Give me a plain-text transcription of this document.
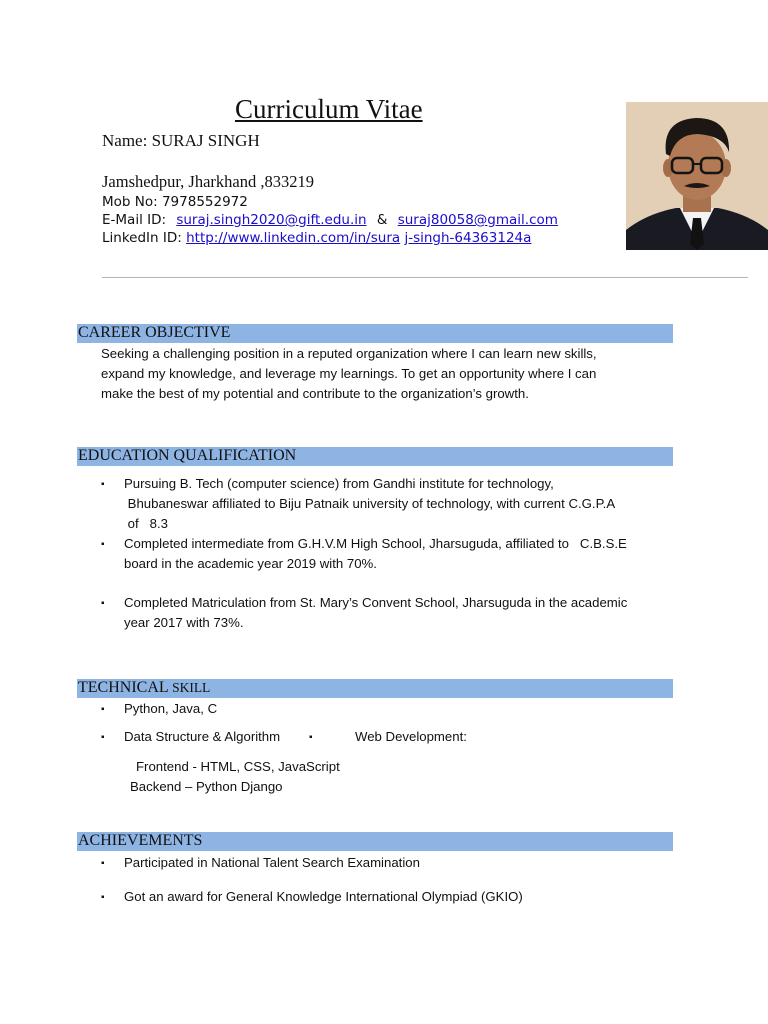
Curriculum Vitae
Name: SURAJ SINGH
Jamshedpur, Jharkhand ,833219
Mob No: 7978552972
E-Mail ID: suraj.singh2020@gift.edu.in & suraj80058@gmail.com
LinkedIn ID: http://www.linkedin.com/in/sura j-singh-64363124a
CAREER OBJECTIVE
Seeking a challenging position in a reputed organization where I can learn new skills,
expand my knowledge, and leverage my learnings. To get an opportunity where I can
make the best of my potential and contribute to the organization’s growth.
EDUCATION QUALIFICATION
▪ Pursuing B. Tech (computer science) from Gandhi institute for technology,
Bhubaneswar affiliated to Biju Patnaik university of technology, with current C.G.P.A
of   8.3
▪ Completed intermediate from G.H.V.M High School, Jharsuguda, affiliated to   C.B.S.E
board in the academic year 2019 with 70%.
▪ Completed Matriculation from St. Mary’s Convent School, Jharsuguda in the academic
year 2017 with 73%.
TECHNICAL SKILL
▪ Python, Java, C
▪ Data Structure & Algorithm	▪	Web Development:
Frontend - HTML, CSS, JavaScript
Backend – Python Django
ACHIEVEMENTS
▪ Participated in National Talent Search Examination
▪ Got an award for General Knowledge International Olympiad (GKIO)
